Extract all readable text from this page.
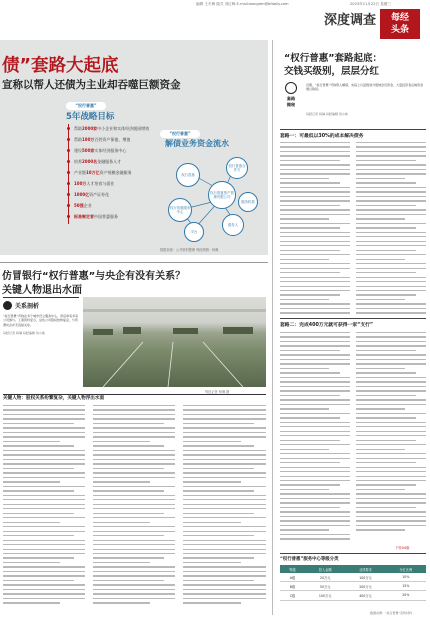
编辑 王冬梅 版式 刘红梅 E-mail:wangdm@bfdaily.com	2023年11月22日 星期三
深度调查	每经
头条
债”套路大起底
宣称以帮人还债为主业却吞噬巨额资金
“权行普惠”
5年战略目标
帮助2000家中小企业和实体经济脱困增效
帮助100万百姓资产保值、增值
建设500家实体经济服务中心
培养2000名金融服务人才
产业链10万亿资产规模金融服务
100万人才培育与就业
1000亿资产证券化
50强企业
标准制定者中国普惠服务
“权行普惠”
解债业务资金流水
权行普惠
权行普惠合作方
权行普惠资产管理有限公司
权行普惠服务中心
债务人
平台
服务机构
数据来源：公开资料整理 每经制图：杨琳
仿冒银行“权行普惠”与央企有没有关系？
关键人物退出水面
关系剖析
“权行普惠”声称在多个城市设立服务中心，背后却有多家公司参与。工商资料显示，这些公司股权结构复杂，与所谓央企并无直接关系。
每经记者 杨琳 每经编辑 何小桃
每经记者 杨琳 摄
关键人物：股权关系纷繁复杂，关键人物浮出水面
“权行普惠”套路起底：
交钱买级别，层层分红
套路
揭秘
近期，“权行普惠”号称帮人解债，实际上以层级划分吸纳会员资金，大量投资者反映资金难以取回。
每经记者 杨琳 每经编辑 何小桃
套路一：可最低以30%的成本解决债务
套路二：完成400万元就可获得一家“支行”
下转04版
“权行普惠”服务中心等级分类
等级	投入金额	业绩要求	分红比例
A级	20万元	100万元	10%
B级	50万元	200万元	15%
C级	100万元	400万元	20%
数据来源：“权行普惠”宣传材料
